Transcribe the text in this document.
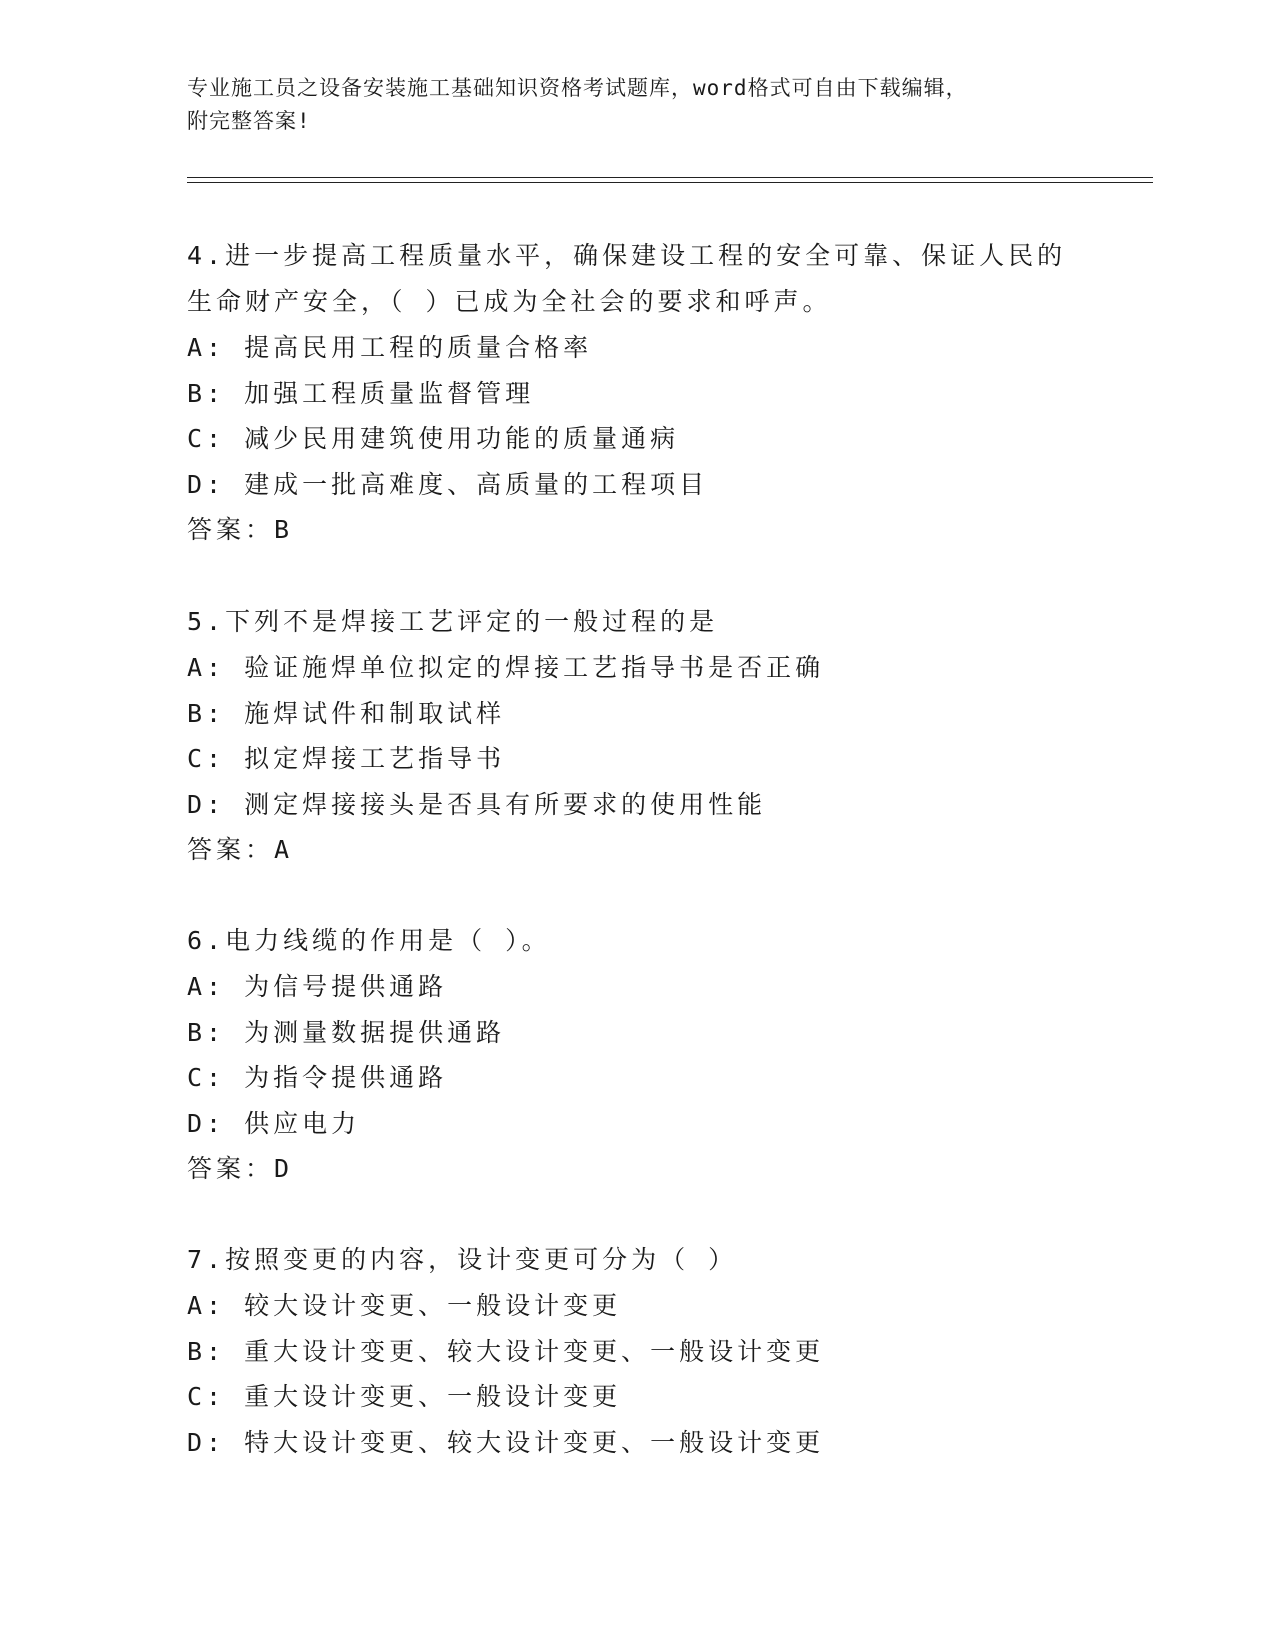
专业施工员之设备安装施工基础知识资格考试题库，word格式可自由下载编辑，
附完整答案!
4.进一步提高工程质量水平，确保建设工程的安全可靠、保证人民的
生命财产安全，（ ）已成为全社会的要求和呼声。
A: 提高民用工程的质量合格率
B: 加强工程质量监督管理
C: 减少民用建筑使用功能的质量通病
D: 建成一批高难度、高质量的工程项目
答案：B
5.下列不是焊接工艺评定的一般过程的是
A: 验证施焊单位拟定的焊接工艺指导书是否正确
B: 施焊试件和制取试样
C: 拟定焊接工艺指导书
D: 测定焊接接头是否具有所要求的使用性能
答案：A
6.电力线缆的作用是（ ）。
A: 为信号提供通路
B: 为测量数据提供通路
C: 为指令提供通路
D: 供应电力
答案：D
7.按照变更的内容，设计变更可分为（ ）
A: 较大设计变更、一般设计变更
B: 重大设计变更、较大设计变更、一般设计变更
C: 重大设计变更、一般设计变更
D: 特大设计变更、较大设计变更、一般设计变更
